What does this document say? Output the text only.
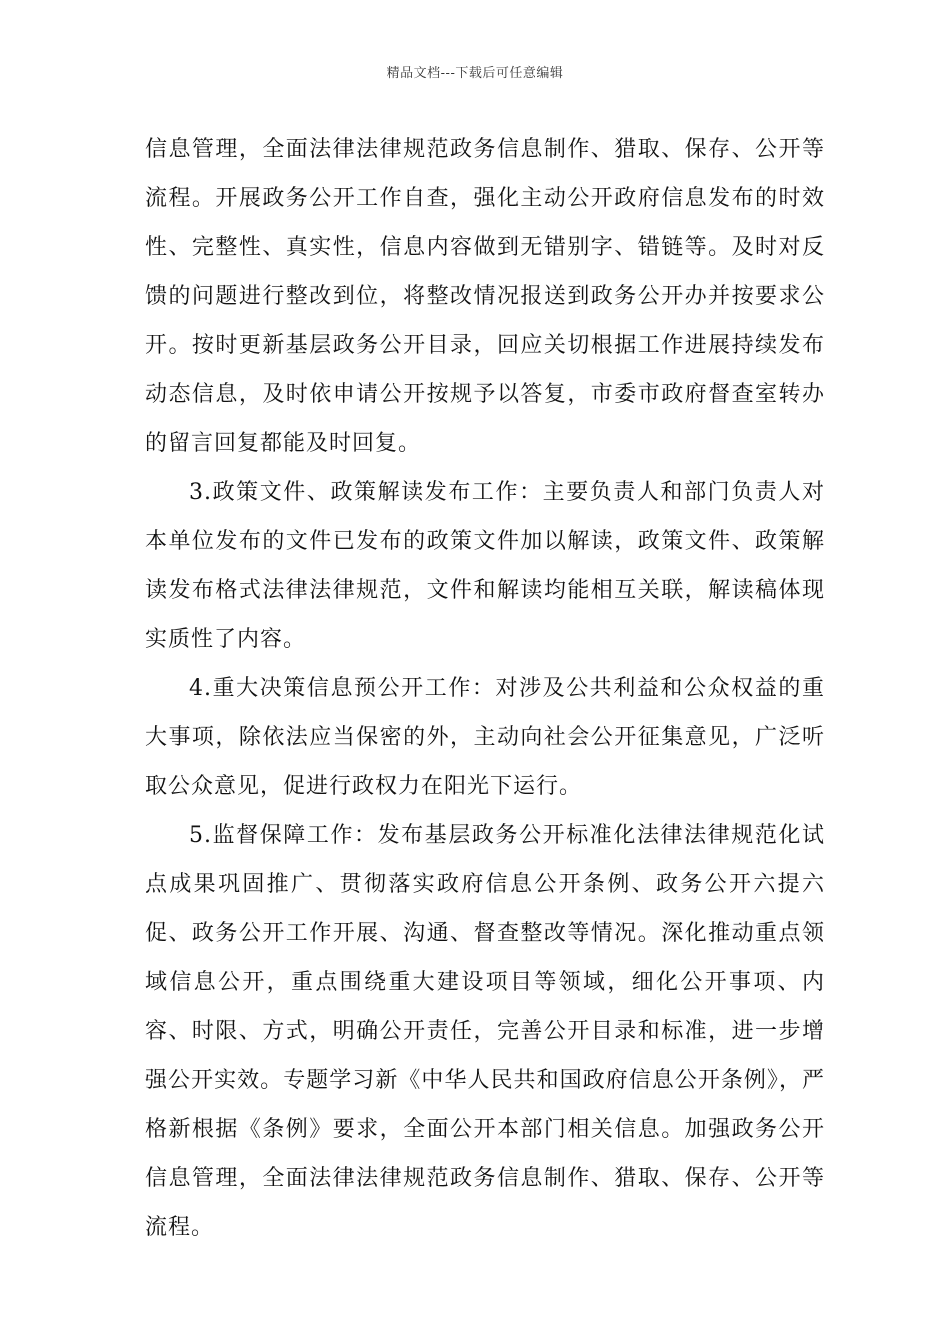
精品文档---下载后可任意编辑

信息管理，全面法律法律规范政务信息制作、猎取、保存、公开等流程。开展政务公开工作自查，强化主动公开政府信息发布的时效性、完整性、真实性，信息内容做到无错别字、错链等。及时对反馈的问题进行整改到位，将整改情况报送到政务公开办并按要求公开。按时更新基层政务公开目录，回应关切根据工作进展持续发布动态信息，及时依申请公开按规予以答复，市委市政府督查室转办的留言回复都能及时回复。

3.政策文件、政策解读发布工作：主要负责人和部门负责人对本单位发布的文件已发布的政策文件加以解读，政策文件、政策解读发布格式法律法律规范，文件和解读均能相互关联，解读稿体现实质性了内容。

4.重大决策信息预公开工作：对涉及公共利益和公众权益的重大事项，除依法应当保密的外，主动向社会公开征集意见，广泛听取公众意见，促进行政权力在阳光下运行。

5.监督保障工作：发布基层政务公开标准化法律法律规范化试点成果巩固推广、贯彻落实政府信息公开条例、政务公开六提六促、政务公开工作开展、沟通、督查整改等情况。深化推动重点领域信息公开，重点围绕重大建设项目等领域，细化公开事项、内容、时限、方式，明确公开责任，完善公开目录和标准，进一步增强公开实效。专题学习新《中华人民共和国政府信息公开条例》，严格新根据《条例》要求，全面公开本部门相关信息。加强政务公开信息管理，全面法律法律规范政务信息制作、猎取、保存、公开等流程。
